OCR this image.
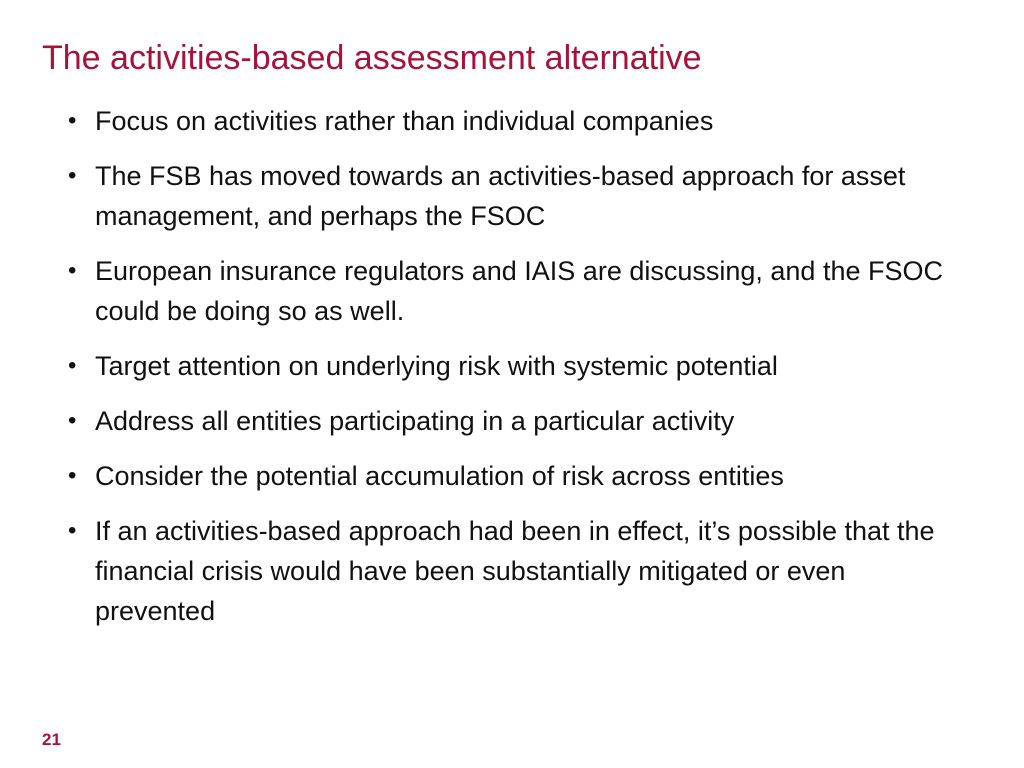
The activities-based assessment alternative
• Focus on activities rather than individual companies
• The FSB has moved towards an activities-based approach for asset management, and perhaps the FSOC
• European insurance regulators and IAIS are discussing, and the FSOC could be doing so as well.
• Target attention on underlying risk with systemic potential
• Address all entities participating in a particular activity
• Consider the potential accumulation of risk across entities
• If an activities-based approach had been in effect, it’s possible that the financial crisis would have been substantially mitigated or even prevented
21
